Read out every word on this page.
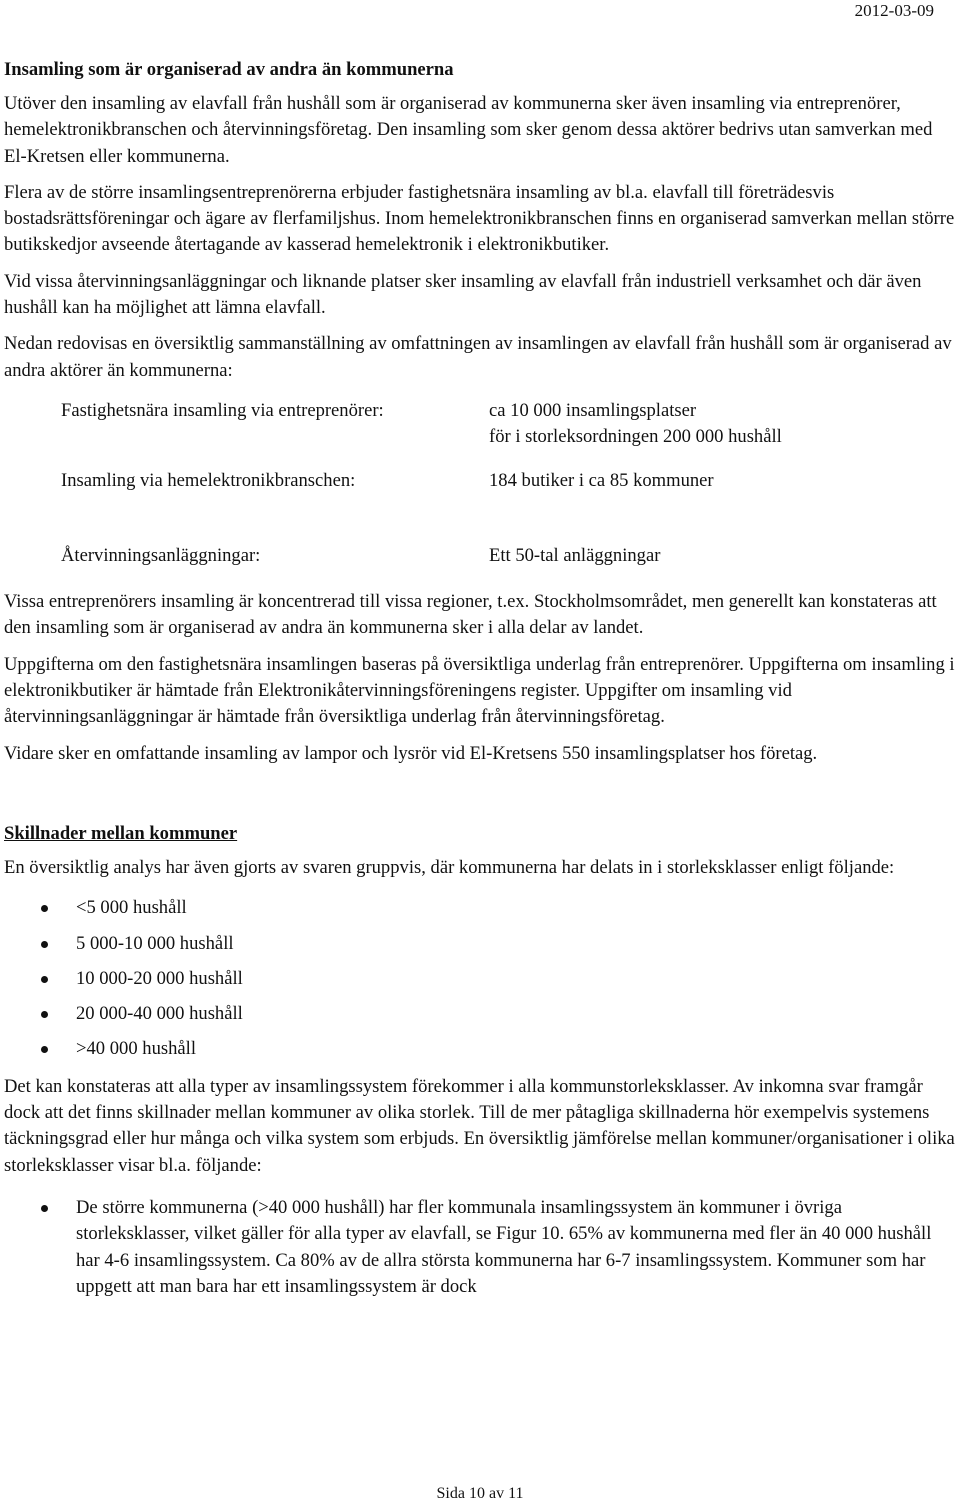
2012-03-09
Insamling som är organiserad av andra än kommunerna

Utöver den insamling av elavfall från hushåll som är organiserad av kommunerna sker även insamling via entreprenörer, hemelektronikbranschen och återvinningsföretag. Den insamling som sker genom dessa aktörer bedrivs utan samverkan med El-Kretsen eller kommunerna.

Flera av de större insamlingsentreprenörerna erbjuder fastighetsnära insamling av bl.a. elavfall till företrädesvis bostadsrättsföreningar och ägare av flerfamiljshus. Inom hemelektronikbranschen finns en organiserad samverkan mellan större butikskedjor avseende återtagande av kasserad hemelektronik i elektronikbutiker.

Vid vissa återvinningsanläggningar och liknande platser sker insamling av elavfall från industriell verksamhet och där även hushåll kan ha möjlighet att lämna elavfall.

Nedan redovisas en översiktlig sammanställning av omfattningen av insamlingen av elavfall från hushåll som är organiserad av andra aktörer än kommunerna:

Fastighetsnära insamling via entreprenörer:	ca 10 000 insamlingsplatser
för i storleksordningen 200 000 hushåll
Insamling via hemelektronikbranschen:	184 butiker i ca 85 kommuner
Återvinningsanläggningar:	Ett 50-tal anläggningar

Vissa entreprenörers insamling är koncentrerad till vissa regioner, t.ex. Stockholmsområdet, men generellt kan konstateras att den insamling som är organiserad av andra än kommunerna sker i alla delar av landet.

Uppgifterna om den fastighetsnära insamlingen baseras på översiktliga underlag från entreprenörer. Uppgifterna om insamling i elektronikbutiker är hämtade från Elektronikåtervinningsföreningens register. Uppgifter om insamling vid återvinningsanläggningar är hämtade från översiktliga underlag från återvinningsföretag.

Vidare sker en omfattande insamling av lampor och lysrör vid El-Kretsens 550 insamlingsplatser hos företag.

Skillnader mellan kommuner

En översiktlig analys har även gjorts av svaren gruppvis, där kommunerna har delats in i storleksklasser enligt följande:

<5 000 hushåll
5 000-10 000 hushåll
10 000-20 000 hushåll
20 000-40 000 hushåll
>40 000 hushåll

Det kan konstateras att alla typer av insamlingssystem förekommer i alla kommunstorleksklasser. Av inkomna svar framgår dock att det finns skillnader mellan kommuner av olika storlek. Till de mer påtagliga skillnaderna hör exempelvis systemens täckningsgrad eller hur många och vilka system som erbjuds. En översiktlig jämförelse mellan kommuner/organisationer i olika storleksklasser visar bl.a. följande:

De större kommunerna (>40 000 hushåll) har fler kommunala insamlingssystem än kommuner i övriga storleksklasser, vilket gäller för alla typer av elavfall, se Figur 10. 65% av kommunerna med fler än 40 000 hushåll har 4-6 insamlingssystem. Ca 80% av de allra största kommunerna har 6-7 insamlingssystem. Kommuner som har uppgett att man bara har ett insamlingssystem är dock
Sida 10 av 11
